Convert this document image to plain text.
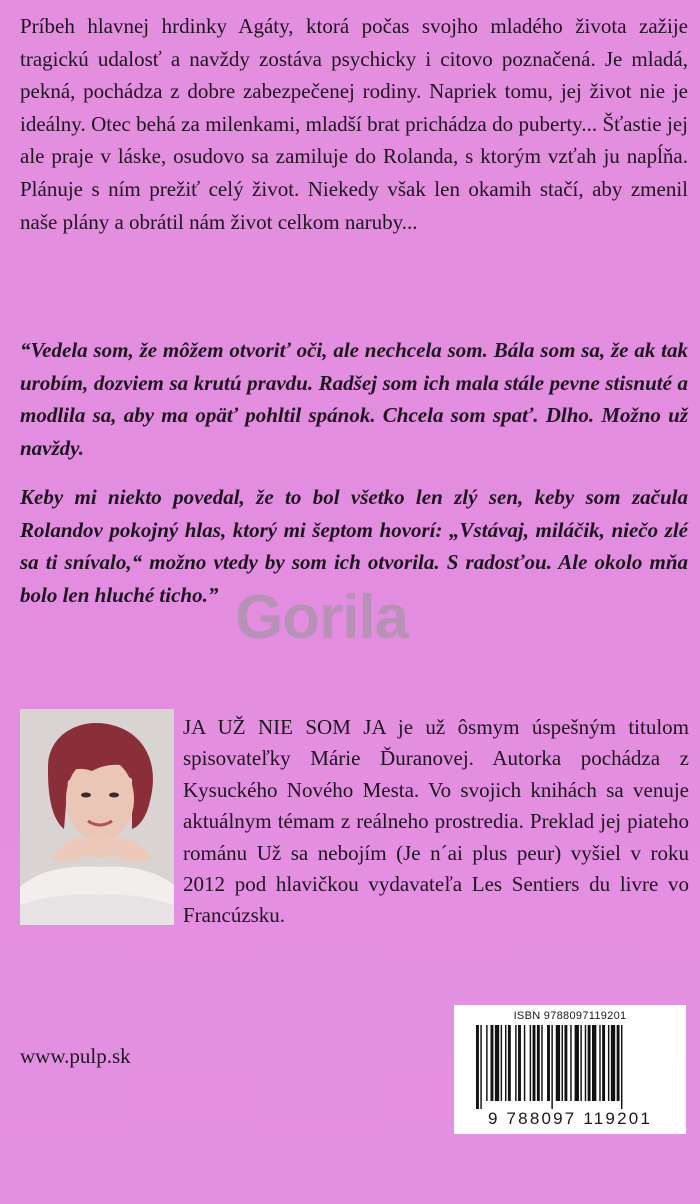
Príbeh hlavnej hrdinky Agáty, ktorá počas svojho mladého života zažije tragickú udalosť a navždy zostáva psychicky i citovo poznačená. Je mladá, pekná, pochádza z dobre zabezpečenej rodiny. Napriek tomu, jej život nie je ideálny. Otec behá za milenkami, mladší brat prichádza do puberty... Šťastie jej ale praje v láske, osudovo sa zamiluje do Rolanda, s ktorým vzťah ju napĺňa. Plánuje s ním prežiť celý život. Niekedy však len okamih stačí, aby zmenil naše plány a obrátil nám život celkom naruby...

“Vedela som, že môžem otvoriť oči, ale nechcela som. Bála som sa, že ak tak urobím, dozviem sa krutú pravdu. Radšej som ich mala stále pevne stisnuté a modlila sa, aby ma opäť pohltil spánok. Chcela som spať. Dlho. Možno už navždy.

Keby mi niekto povedal, že to bol všetko len zlý sen, keby som začula Rolandov pokojný hlas, ktorý mi šeptom hovorí: „Vstávaj, miláčik, niečo zlé sa ti snívalo,“ možno vtedy by som ich otvorila. S radosťou. Ale okolo mňa bolo len hluché ticho.” Gorila

JA UŽ NIE SOM JA je už ôsmym úspešným titulom spisovateľky Márie Ďuranovej. Autorka pochádza z Kysuckého Nového Mesta. Vo svojich knihách sa venuje aktuálnym témam z reálneho prostredia. Preklad jej piateho románu Už sa nebojím (Je n´ai plus peur) vyšiel v roku 2012 pod hlavičkou vydavateľa Les Sentiers du livre vo Francúzsku.

www.pulp.sk
ISBN 9788097119201
9 788097 119201
